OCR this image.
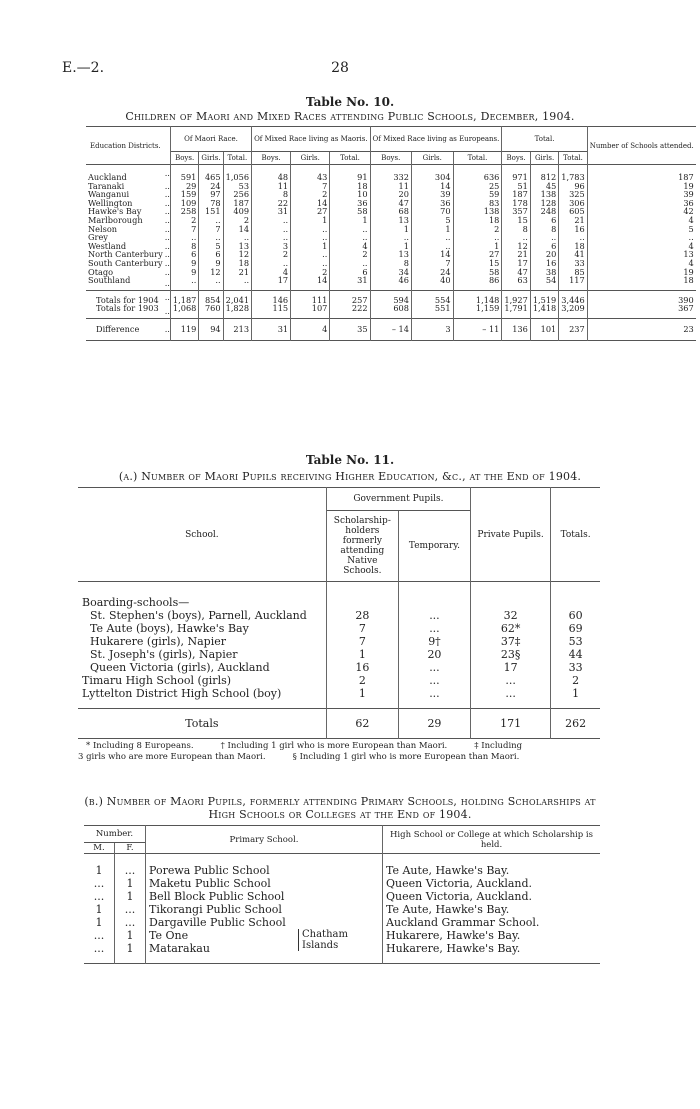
E.—2.	28
Table No. 10.
Children of Maori and Mixed Races attending Public Schools, December, 1904.
Education Districts.		Of Maori Race.			Of Mixed Race living as Maoris.			Of Mixed Race living as Europeans.			Total.			Number of Schools attended.
		Boys.	Girls.	Total.	Boys.	Girls.	Total.	Boys.	Girls.	Total.	Boys.	Girls.	Total.	
Auckland	..	591	465	1,056	48	43	91	332	304	636	971	812	1,783	187
Taranaki	..	29	24	53	11	7	18	11	14	25	51	45	96	19
Wanganui	..	159	97	256	8	2	10	20	39	59	187	138	325	39
Wellington	..	109	78	187	22	14	36	47	36	83	178	128	306	36
Hawke's Bay	..	258	151	409	31	27	58	68	70	138	357	248	605	42
Marlborough	..	2	..	2	..	1	1	13	5	18	15	6	21	4
Nelson	..	7	7	14	..	..	..	1	1	2	8	8	16	5
Grey	..	..	..	..	..	..	..	..	..	..	..	..	..	..
Westland	..	8	5	13	3	1	4	1	..	1	12	6	18	4
North Canterbury	..	6	6	12	2	..	2	13	14	27	21	20	41	13
South Canterbury	..	9	9	18	..	..	..	8	7	15	17	16	33	4
Otago	..	9	12	21	4	2	6	34	24	58	47	38	85	19
Southland	..	..	..	..	17	14	31	46	40	86	63	54	117	18
Totals for 1904	..	1,187	854	2,041	146	111	257	594	554	1,148	1,927	1,519	3,446	390
Totals for 1903	..	1,068	760	1,828	115	107	222	608	551	1,159	1,791	1,418	3,209	367
Difference	..	119	94	213	31	4	35	– 14	3	– 11	136	101	237	23
Table No. 11.
(a.) Number of Maori Pupils receiving Higher Education, &c., at the End of 1904.
School.	Government Pupils.		Private Pupils.	Totals.
	Scholarship-holders formerly attending Native Schools.	Temporary.		
Boarding-schools—				
St. Stephen's (boys), Parnell, Auckland	28	...	32	60
Te Aute (boys), Hawke's Bay	7	...	62*	69
Hukarere (girls), Napier	7	9†	37‡	53
St. Joseph's (girls), Napier	1	20	23§	44
Queen Victoria (girls), Auckland	16	...	17	33
Timaru High School (girls)	2	...	...	2
Lyttelton District High School (boy)	1	...	...	1
Totals	62	29	171	262
* Including 8 Europeans.          † Including 1 girl who is more European than Maori.          ‡ Including
3 girls who are more European than Maori.          § Including 1 girl who is more European than Maori.
(b.) Number of Maori Pupils, formerly attending Primary Schools, holding Scholarships at High Schools or Colleges at the End of 1904.
Number.		Primary School.	High School or College at which Scholarship is held.
M.	F.		
1	...	Porewa Public School	Te Aute, Hawke's Bay.
...	1	Maketu Public School	Queen Victoria, Auckland.
...	1	Bell Block Public School	Queen Victoria, Auckland.
1	...	Tikorangi Public School	Te Aute, Hawke's Bay.
1	...	Dargaville Public School	Auckland Grammar School.
...	1	Te One Chatham Islands	Hukarere, Hawke's Bay.
...	1	Matarakau	Hukarere, Hawke's Bay.
